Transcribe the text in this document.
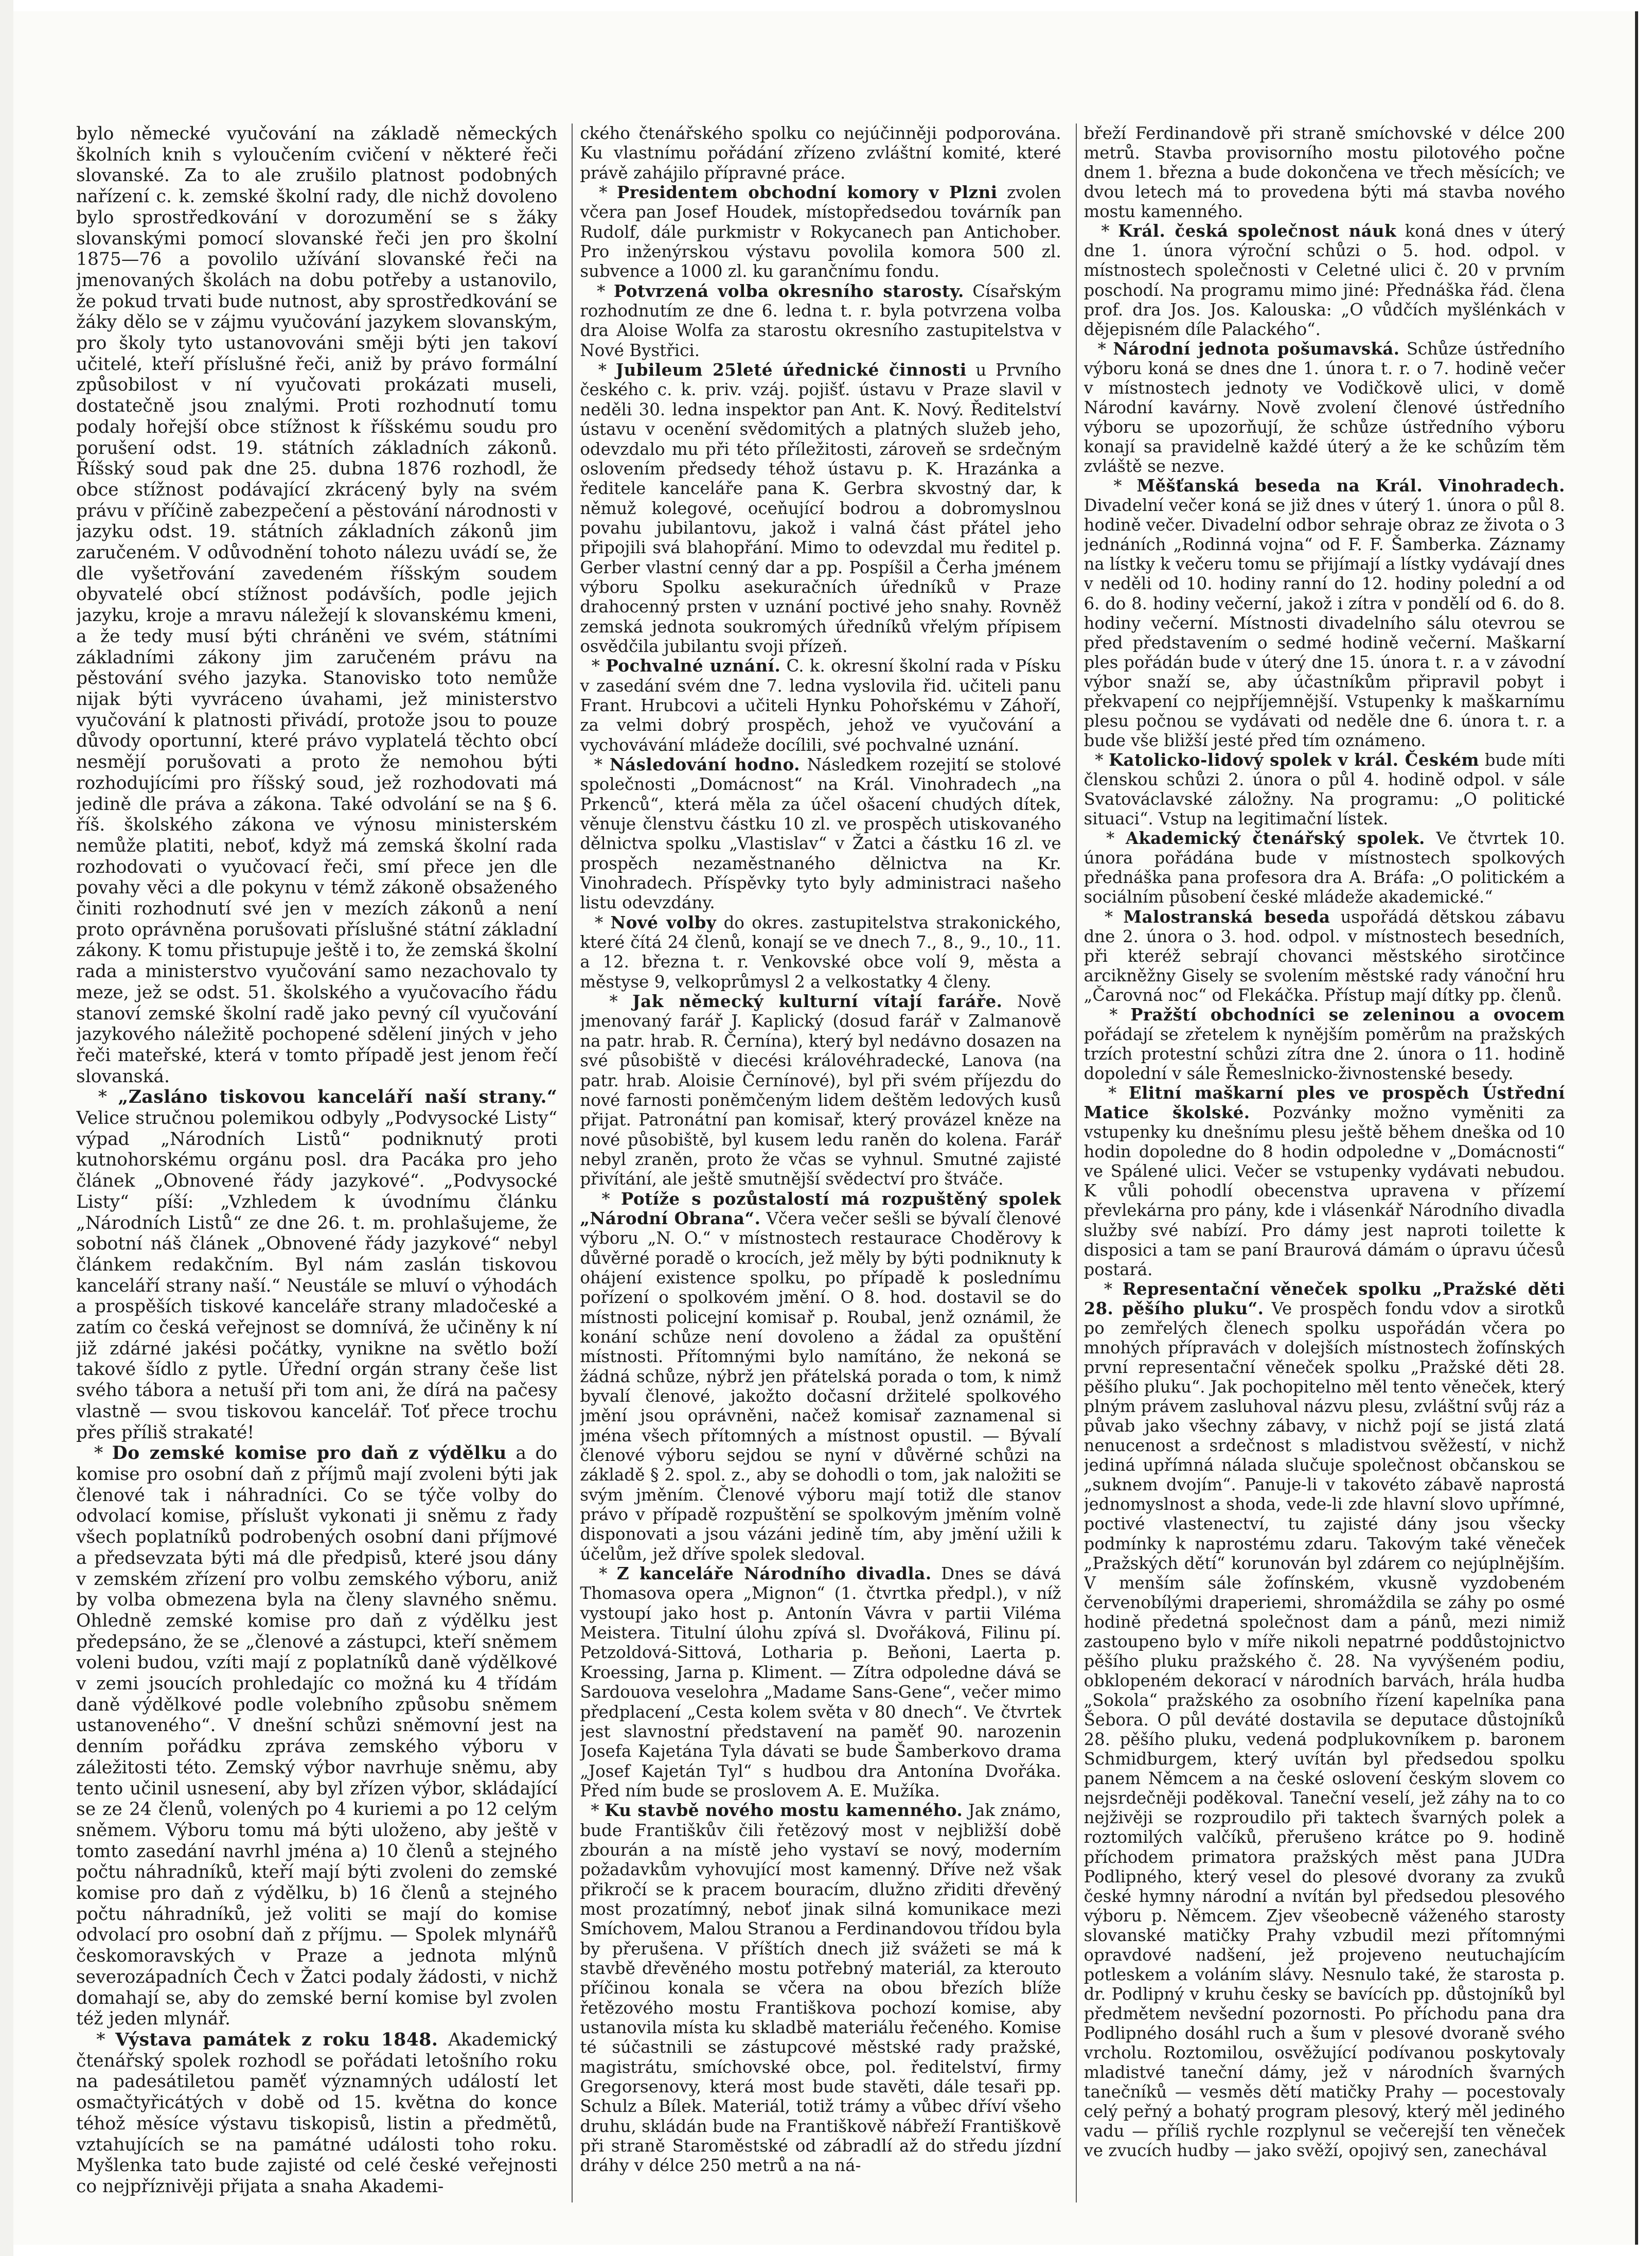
bylo německé vyučování na základě německých školních knih s vyloučením cvičení v některé řeči slovanské. Za to ale zrušilo platnost podobných nařízení c. k. zemské školní rady, dle nichž dovoleno bylo sprostředkování v dorozumění se s žáky slovanskými pomocí slovanské řeči jen pro školní 1875—76 a povolilo užívání slovanské řeči na jmenovaných školách na dobu potřeby a ustanovilo, že pokud trvati bude nutnost, aby sprostředkování se žáky dělo se v zájmu vyučování jazykem slovanským, pro školy tyto ustanovováni směji býti jen takoví učitelé, kteří příslušné řeči, aniž by právo formální způsobilost v ní vyučovati prokázati museli, dostatečně jsou znalými. Proti rozhodnutí tomu podaly hořejší obce stížnost k říšskému soudu pro porušení odst. 19. státních základních zákonů. Říšský soud pak dne 25. dubna 1876 rozhodl, že obce stížnost podávající zkrácený byly na svém právu v příčině zabezpečení a pěstování národnosti v jazyku odst. 19. státních základních zákonů jim zaručeném. V odůvodnění tohoto nálezu uvádí se, že dle vyšetřování zavedeném říšským soudem obyvatelé obcí stížnost podávších, podle jejich jazyku, kroje a mravu náležejí k slovanskému kmeni, a že tedy musí býti chráněni ve svém, státními základními zákony jim zaručeném právu na pěstování svého jazyka. Stanovisko toto nemůže nijak býti vyvráceno úvahami, jež ministerstvo vyučování k platnosti přivádí, protože jsou to pouze důvody oportunní, které právo vyplatelá těchto obcí nesmějí porušovati a proto že nemohou býti rozhodujícími pro říšský soud, jež rozhodovati má jedině dle práva a zákona. Také odvolání se na § 6. říš. školského zákona ve výnosu ministerském nemůže platiti, neboť, když má zemská školní rada rozhodovati o vyučovací řeči, smí přece jen dle povahy věci a dle pokynu v témž zákoně obsaženého činiti rozhodnutí své jen v mezích zákonů a není proto oprávněna porušovati příslušné státní základní zákony. K tomu přistupuje ještě i to, že zemská školní rada a ministerstvo vyučování samo nezachovalo ty meze, jež se odst. 51. školského a vyučovacího řádu stanoví zemské školní radě jako pevný cíl vyučování jazykového náležitě pochopené sdělení jiných v jeho řeči mateřské, která v tomto případě jest jenom řečí slovanská.

* „Zasláno tiskovou kanceláří naší strany.“ Velice stručnou polemikou odbyly „Podvysocké Listy“ výpad „Národních Listů“ podniknutý proti kutnohorskému orgánu posl. dra Pacáka pro jeho článek „Obnovené řády jazykové“. „Podvysocké Listy“ píší: „Vzhledem k úvodnímu článku „Národních Listů“ ze dne 26. t. m. prohlašujeme, že sobotní náš článek „Obnovené řády jazykové“ nebyl článkem redakčním. Byl nám zaslán tiskovou kanceláří strany naší.“ Neustále se mluví o výhodách a prospěších tiskové kanceláře strany mladočeské a zatím co česká veřejnost se domnívá, že učiněny k ní již zdárné jakési počátky, vynikne na světlo boží takové šídlo z pytle. Úřední orgán strany češe list svého tábora a netuší při tom ani, že dírá na pačesy vlastně — svou tiskovou kancelář. Toť přece trochu přes příliš strakaté!

* Do zemské komise pro daň z výdělku a do komise pro osobní daň z příjmů mají zvoleni býti jak členové tak i náhradníci. Co se týče volby do odvolací komise, příslušt vykonati ji sněmu z řady všech poplatníků podrobených osobní dani příjmové a předsevzata býti má dle předpisů, které jsou dány v zemském zřízení pro volbu zemského výboru, aniž by volba obmezena byla na členy slavného sněmu. Ohledně zemské komise pro daň z výdělku jest předepsáno, že se „členové a zástupci, kteří sněmem voleni budou, vzíti mají z poplatníků daně výdělkové v zemi jsoucích prohledajíc co možná ku 4 třídám daně výdělkové podle volebního způsobu sněmem ustanoveného“. V dnešní schůzi sněmovní jest na denním pořádku zpráva zemského výboru v záležitosti této. Zemský výbor navrhuje sněmu, aby tento učinil usnesení, aby byl zřízen výbor, skládající se ze 24 členů, volených po 4 kuriemi a po 12 celým sněmem. Výboru tomu má býti uloženo, aby ještě v tomto zasedání navrhl jména a) 10 členů a stejného počtu náhradníků, kteří mají býti zvoleni do zemské komise pro daň z výdělku, b) 16 členů a stejného počtu náhradníků, jež voliti se mají do komise odvolací pro osobní daň z příjmu. — Spolek mlynářů českomoravských v Praze a jednota mlýnů severozápadních Čech v Žatci podaly žádosti, v nichž domahají se, aby do zemské berní komise byl zvolen též jeden mlynář.

* Výstava památek z roku 1848. Akademický čtenářský spolek rozhodl se pořádati letošního roku na padesátiletou paměť významných událostí let osmačtyřicátých v době od 15. května do konce téhož měsíce výstavu tiskopisů, listin a předmětů, vztahujících se na památné události toho roku. Myšlenka tato bude zajisté od celé české veřejnosti co nejpříznivěji přijata a snaha Akademi-

ckého čtenářského spolku co nejúčinněji podporována. Ku vlastnímu pořádání zřízeno zvláštní komité, které právě zahájilo přípravné práce.

* Presidentem obchodní komory v Plzni zvolen včera pan Josef Houdek, místopředsedou továrník pan Rudolf, dále purkmistr v Rokycanech pan Antichober. Pro inženýrskou výstavu povolila komora 500 zl. subvence a 1000 zl. ku garančnímu fondu.

* Potvrzená volba okresního starosty. Císařským rozhodnutím ze dne 6. ledna t. r. byla potvrzena volba dra Aloise Wolfa za starostu okresního zastupitelstva v Nové Bystřici.

* Jubileum 25leté úřednické činnosti u Prvního českého c. k. priv. vzáj. pojišť. ústavu v Praze slavil v neděli 30. ledna inspektor pan Ant. K. Nový. Ředitelství ústavu v ocenění svědomitých a platných služeb jeho, odevzdalo mu při této příležitosti, zároveň se srdečným oslovením předsedy téhož ústavu p. K. Hrazánka a ředitele kanceláře pana K. Gerbra skvostný dar, k němuž kolegové, oceňující bodrou a dobromyslnou povahu jubilantovu, jakož i valná část přátel jeho připojili svá blahopřání. Mimo to odevzdal mu ředitel p. Gerber vlastní cenný dar a pp. Pospíšil a Čerha jménem výboru Spolku asekuračních úředníků v Praze drahocenný prsten v uznání poctivé jeho snahy. Rovněž zemská jednota soukromých úředníků vřelým přípisem osvědčila jubilantu svoji přízeň.

* Pochvalné uznání. C. k. okresní školní rada v Písku v zasedání svém dne 7. ledna vyslovila řid. učiteli panu Frant. Hrubcovi a učiteli Hynku Pohořskému v Záhoří, za velmi dobrý prospěch, jehož ve vyučování a vychovávání mládeže docílili, své pochvalné uznání.

* Následování hodno. Následkem rozejití se stolové společnosti „Domácnost“ na Král. Vinohradech „na Prkenců“, která měla za účel ošacení chudých dítek, věnuje členstvu částku 10 zl. ve prospěch utiskovaného dělnictva spolku „Vlastislav“ v Žatci a částku 16 zl. ve prospěch nezaměstnaného dělnictva na Kr. Vinohradech. Příspěvky tyto byly administraci našeho listu odevzdány.

* Nové volby do okres. zastupitelstva strakonického, které čítá 24 členů, konají se ve dnech 7., 8., 9., 10., 11. a 12. března t. r. Venkovské obce volí 9, města a městyse 9, velkoprůmysl 2 a velkostatky 4 členy.

* Jak německý kulturní vítají faráře. Nově jmenovaný farář J. Kaplický (dosud farář v Zalmanově na patr. hrab. R. Černína), který byl nedávno dosazen na své působiště v diecési královéhradecké, Lanova (na patr. hrab. Aloisie Černínové), byl při svém příjezdu do nové farnosti poněmčeným lidem deštěm ledových kusů přijat. Patronátní pan komisař, který provázel kněze na nové působiště, byl kusem ledu raněn do kolena. Farář nebyl zraněn, proto že včas se vyhnul. Smutné zajisté přivítání, ale ještě smutnější svědectví pro štváče.

* Potíže s pozůstalostí má rozpuštěný spolek „Národní Obrana“. Včera večer sešli se bývalí členové výboru „N. O.“ v místnostech restaurace Choděrovy k důvěrné poradě o krocích, jež měly by býti podniknuty k ohájení existence spolku, po případě k poslednímu pořízení o spolkovém jmění. O 8. hod. dostavil se do místnosti policejní komisař p. Roubal, jenž oznámil, že konání schůze není dovoleno a žádal za opuštění místnosti. Přítomnými bylo namítáno, že nekoná se žádná schůze, nýbrž jen přátelská porada o tom, k nimž byvalí členové, jakožto dočasní držitelé spolkového jmění jsou oprávněni, načež komisař zaznamenal si jména všech přítomných a místnost opustil. — Bývalí členové výboru sejdou se nyní v důvěrné schůzi na základě § 2. spol. z., aby se dohodli o tom, jak naložiti se svým jměním. Členové výboru mají totiž dle stanov právo v případě rozpuštění se spolkovým jměním volně disponovati a jsou vázáni jedině tím, aby jmění užili k účelům, jež dříve spolek sledoval.

* Z kanceláře Národního divadla. Dnes se dává Thomasova opera „Mignon“ (1. čtvrtka předpl.), v níž vystoupí jako host p. Antonín Vávra v partii Viléma Meistera. Titulní úlohu zpívá sl. Dvořáková, Filinu pí. Petzoldová-Sittová, Lotharia p. Beňoni, Laerta p. Kroessing, Jarna p. Kliment. — Zítra odpoledne dává se Sardouova veselohra „Madame Sans-Gene“, večer mimo předplacení „Cesta kolem světa v 80 dnech“. Ve čtvrtek jest slavnostní představení na paměť 90. narozenin Josefa Kajetána Tyla dávati se bude Šamberkovo drama „Josef Kajetán Tyl“ s hudbou dra Antonína Dvořáka. Před ním bude se proslovem A. E. Mužíka.

* Ku stavbě nového mostu kamenného. Jak známo, bude Františkův čili řetězový most v nejbližší době zbourán a na místě jeho vystaví se nový, moderním požadavkům vyhovující most kamenný. Dříve než však přikročí se k pracem bouracím, dlužno zřiditi dřevěný most prozatímný, neboť jinak silná komunikace mezi Smíchovem, Malou Stranou a Ferdinandovou třídou byla by přerušena. V příštích dnech již svážeti se má k stavbě dřevěného mostu potřebný materiál, za kterouto příčinou konala se včera na obou březích blíže řetězového mostu Františkova pochozí komise, aby ustanovila místa ku skladbě materiálu řečeného. Komise té súčastnili se zástupcové městské rady pražské, magistrátu, smíchovské obce, pol. ředitelství, firmy Gregorsenovy, která most bude stavěti, dále tesaři pp. Schulz a Bílek. Materiál, totiž trámy a vůbec dříví všeho druhu, skládán bude na Františkově nábřeží Františkově při straně Staroměstské od zábradlí až do středu jízdní dráhy v délce 250 metrů a na ná-

břeží Ferdinandově při straně smíchovské v délce 200 metrů. Stavba provisorního mostu pilotového počne dnem 1. března a bude dokončena ve třech měsících; ve dvou letech má to provedena býti má stavba nového mostu kamenného.

* Král. česká společnost náuk koná dnes v úterý dne 1. února výroční schůzi o 5. hod. odpol. v místnostech společnosti v Celetné ulici č. 20 v prvním poschodí. Na programu mimo jiné: Přednáška řád. člena prof. dra Jos. Jos. Kalouska: „O vůdčích myšlénkách v dějepisném díle Palackého“.

* Národní jednota pošumavská. Schůze ústředního výboru koná se dnes dne 1. února t. r. o 7. hodině večer v místnostech jednoty ve Vodičkově ulici, v domě Národní kavárny. Nově zvolení členové ústředního výboru se upozorňují, že schůze ústředního výboru konají sa pravidelně každé úterý a že ke schůzím těm zvláště se nezve.

* Měšťanská beseda na Král. Vinohradech. Divadelní večer koná se již dnes v úterý 1. února o půl 8. hodině večer. Divadelní odbor sehraje obraz ze života o 3 jednáních „Rodinná vojna“ od F. F. Šamberka. Záznamy na lístky k večeru tomu se přijímají a lístky vydávají dnes v neděli od 10. hodiny ranní do 12. hodiny polední a od 6. do 8. hodiny večerní, jakož i zítra v pondělí od 6. do 8. hodiny večerní. Místnosti divadelního sálu otevrou se před představením o sedmé hodině večerní. Maškarní ples pořádán bude v úterý dne 15. února t. r. a v závodní výbor snaží se, aby účastníkům připravil pobyt i překvapení co nejpříjemnější. Vstupenky k maškarnímu plesu počnou se vydávati od neděle dne 6. února t. r. a bude vše bližší jesté před tím oznámeno.

* Katolicko-lidový spolek v král. Českém bude míti členskou schůzi 2. února o půl 4. hodině odpol. v sále Svatováclavské záložny. Na programu: „O politické situaci“. Vstup na legitimační lístek.

* Akademický čtenářský spolek. Ve čtvrtek 10. února pořádána bude v místnostech spolkových přednáška pana profesora dra A. Bráfa: „O politickém a sociálním působení české mládeže akademické.“

* Malostranská beseda uspořádá dětskou zábavu dne 2. února o 3. hod. odpol. v místnostech besedních, při kteréž sebrají chovanci městského sirotčince arcikněžny Gisely se svolením městské rady vánoční hru „Čarovná noc“ od Flekáčka. Přístup mají dítky pp. členů.

* Pražští obchodníci se zeleninou a ovocem pořádají se zřetelem k nynějším poměrům na pražských trzích protestní schůzi zítra dne 2. února o 11. hodině dopolední v sále Řemeslnicko-živnostenské besedy.

* Elitní maškarní ples ve prospěch Ústřední Matice školské. Pozvánky možno vyměniti za vstupenky ku dnešnímu plesu ještě během dneška od 10 hodin dopoledne do 8 hodin odpoledne v „Domácnosti“ ve Spálené ulici. Večer se vstupenky vydávati nebudou. K vůli pohodlí obecenstva upravena v přízemí převlekárna pro pány, kde i vlásenkář Národního divadla služby své nabízí. Pro dámy jest naproti toilette k disposici a tam se paní Braurová dámám o úpravu účesů postará.

* Representační věneček spolku „Pražské děti 28. pěšího pluku“. Ve prospěch fondu vdov a sirotků po zemřelých členech spolku uspořádán včera po mnohých přípravách v dolejších místnostech žofínských první representační věneček spolku „Pražské děti 28. pěšího pluku“. Jak pochopitelno měl tento věneček, který plným právem zasluhoval názvu plesu, zvláštní svůj ráz a půvab jako všechny zábavy, v nichž pojí se jistá zlatá nenucenost a srdečnost s mladistvou svěžestí, v nichž jediná upřímná nálada slučuje společnost občanskou se „suknem dvojím“. Panuje-li v takovéto zábavě naprostá jednomyslnost a shoda, vede-li zde hlavní slovo upřímné, poctivé vlastenectví, tu zajisté dány jsou všecky podmínky k naprostému zdaru. Takovým také věneček „Pražských dětí“ korunován byl zdárem co nejúplnějším. V menším sále žofínském, vkusně vyzdobeném červenobílými draperiemi, shromáždila se záhy po osmé hodině předetná společnost dam a pánů, mezi nimiž zastoupeno bylo v míře nikoli nepatrné poddůstojnictvo pěšího pluku pražského č. 28. Na vyvýšeném podiu, obklopeném dekorací v národních barvách, hrála hudba „Sokola“ pražského za osobního řízení kapelníka pana Šebora. O půl deváté dostavila se deputace důstojníků 28. pěšího pluku, vedená podplukovníkem p. baronem Schmidburgem, který uvítán byl předsedou spolku panem Němcem a na české oslovení českým slovem co nejsrdečněji poděkoval. Taneční veselí, jež záhy na to co nejživěji se rozproudilo při taktech švarných polek a roztomilých valčíků, přerušeno krátce po 9. hodině příchodem primatora pražských měst pana JUDra Podlipného, který vesel do plesové dvorany za zvuků české hymny národní a nvítán byl předsedou plesového výboru p. Němcem. Zjev všeobecně váženého starosty slovanské matičky Prahy vzbudil mezi přítomnými opravdové nadšení, jež projeveno neutuchajícím potleskem a voláním slávy. Nesnulo také, že starosta p. dr. Podlipný v kruhu česky se bavících pp. důstojníků byl předmětem nevšední pozornosti. Po příchodu pana dra Podlipného dosáhl ruch a šum v plesové dvoraně svého vrcholu. Roztomilou, osvěžující podívanou poskytovaly mladistvé taneční dámy, jež v národních švarných tanečníků — vesměs dětí matičky Prahy — pocestovaly celý peřný a bohatý program plesový, který měl jediného vadu — příliš rychle rozplynul se večerejší ten věneček ve zvucích hudby — jako svěží, opojivý sen, zanechával
